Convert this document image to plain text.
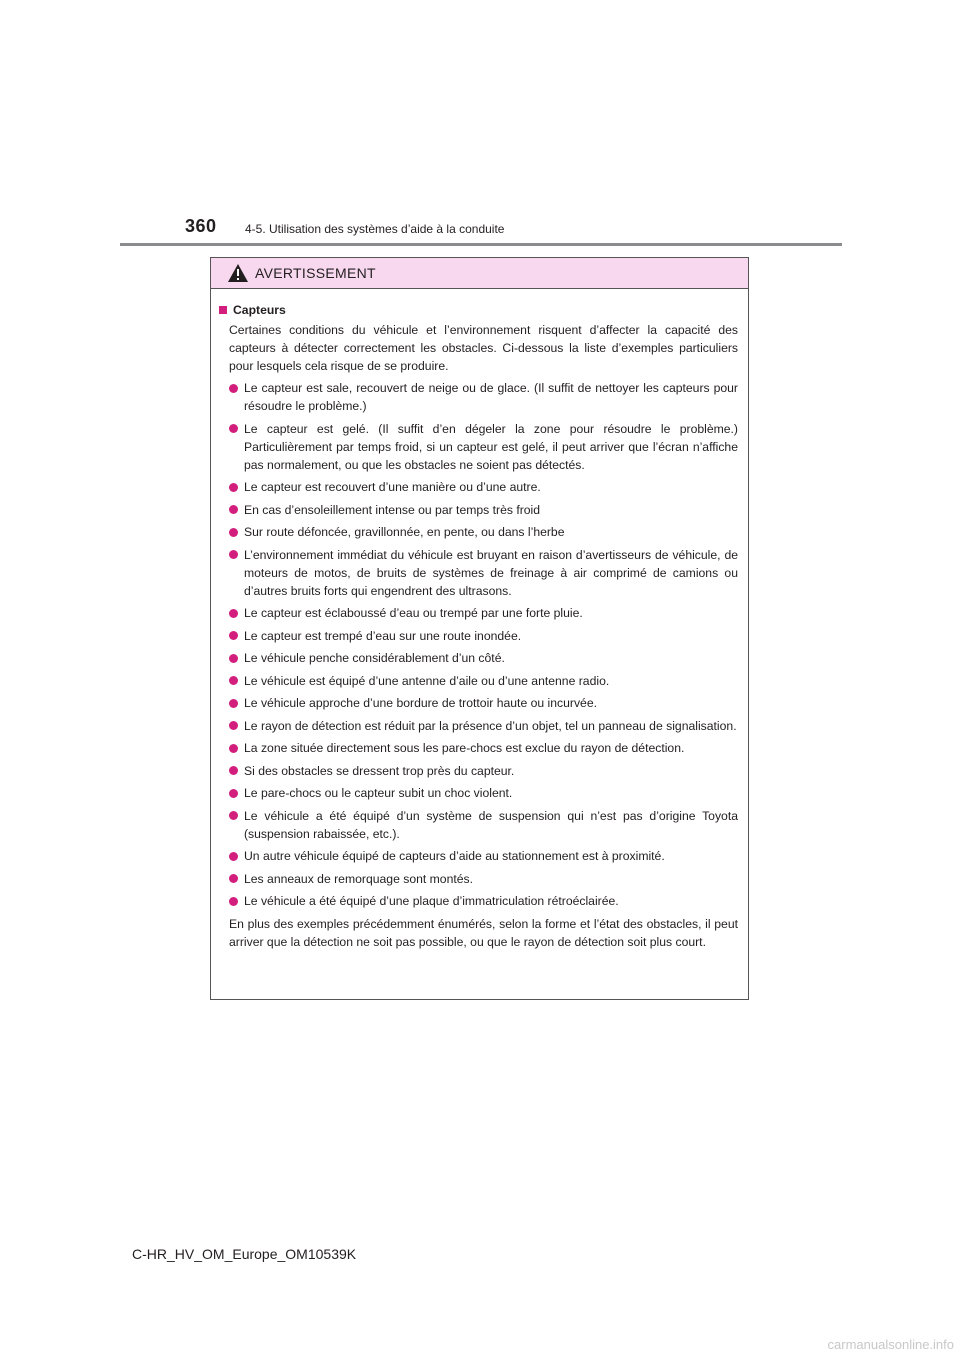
360 4-5. Utilisation des systèmes d’aide à la conduite
AVERTISSEMENT
Capteurs
Certaines conditions du véhicule et l’environnement risquent d’affecter la capacité des capteurs à détecter correctement les obstacles. Ci-dessous la liste d’exemples particuliers pour lesquels cela risque de se produire.
Le capteur est sale, recouvert de neige ou de glace. (Il suffit de nettoyer les capteurs pour résoudre le problème.)
Le capteur est gelé. (Il suffit d’en dégeler la zone pour résoudre le problème.) Particulièrement par temps froid, si un capteur est gelé, il peut arriver que l’écran n’affiche pas normalement, ou que les obstacles ne soient pas détectés.
Le capteur est recouvert d’une manière ou d’une autre.
En cas d’ensoleillement intense ou par temps très froid
Sur route défoncée, gravillonnée, en pente, ou dans l’herbe
L’environnement immédiat du véhicule est bruyant en raison d’avertisseurs de véhicule, de moteurs de motos, de bruits de systèmes de freinage à air comprimé de camions ou d’autres bruits forts qui engendrent des ultrasons.
Le capteur est éclaboussé d’eau ou trempé par une forte pluie.
Le capteur est trempé d’eau sur une route inondée.
Le véhicule penche considérablement d’un côté.
Le véhicule est équipé d’une antenne d’aile ou d’une antenne radio.
Le véhicule approche d’une bordure de trottoir haute ou incurvée.
Le rayon de détection est réduit par la présence d’un objet, tel un panneau de signalisation.
La zone située directement sous les pare-chocs est exclue du rayon de détection.
Si des obstacles se dressent trop près du capteur.
Le pare-chocs ou le capteur subit un choc violent.
Le véhicule a été équipé d’un système de suspension qui n’est pas d’origine Toyota (suspension rabaissée, etc.).
Un autre véhicule équipé de capteurs d’aide au stationnement est à proximité.
Les anneaux de remorquage sont montés.
Le véhicule a été équipé d’une plaque d’immatriculation rétroéclairée.
En plus des exemples précédemment énumérés, selon la forme et l’état des obstacles, il peut arriver que la détection ne soit pas possible, ou que le rayon de détection soit plus court.
C-HR_HV_OM_Europe_OM10539K
carmanualsonline.info
